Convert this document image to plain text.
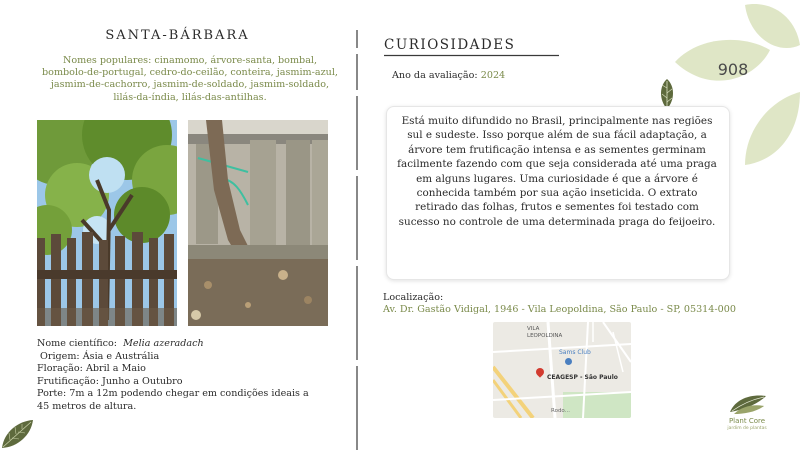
SANTA-BÁRBARA
Nomes populares: cinamomo, árvore-santa, bombal, bombolo-de-portugal, cedro-do-ceilão, conteira, jasmim-azul, jasmim-de-cachorro, jasmim-de-soldado, jasmim-soldado, lilás-da-índia, lilás-das-antilhas.
Nome científico: Melia azeradach
Origem: Ásia e Austrália
Floração: Abril a Maio
Frutificação: Junho a Outubro
Porte: 7m a 12m podendo chegar em condições ideais a 45 metros de altura.
CURIOSIDADES
Ano da avaliação: 2024
Está muito difundido no Brasil, principalmente nas regiões sul e sudeste. Isso porque além de sua fácil adaptação, a árvore tem frutificação intensa e as sementes germinam facilmente fazendo com que seja considerada até uma praga em alguns lugares. Uma curiosidade é que a árvore é conhecida também por sua ação inseticida. O extrato retirado das folhas, frutos e sementes foi testado com sucesso no controle de uma determinada praga do feijoeiro.
Localização:
Av. Dr. Gastão Vidigal, 1946 - Vila Leopoldina, São Paulo - SP, 05314-000
VILA LEOPOLDINA
Sams Club
CEAGESP - São Paulo
Rodo...
908
Plant Core
jardim de plantas
